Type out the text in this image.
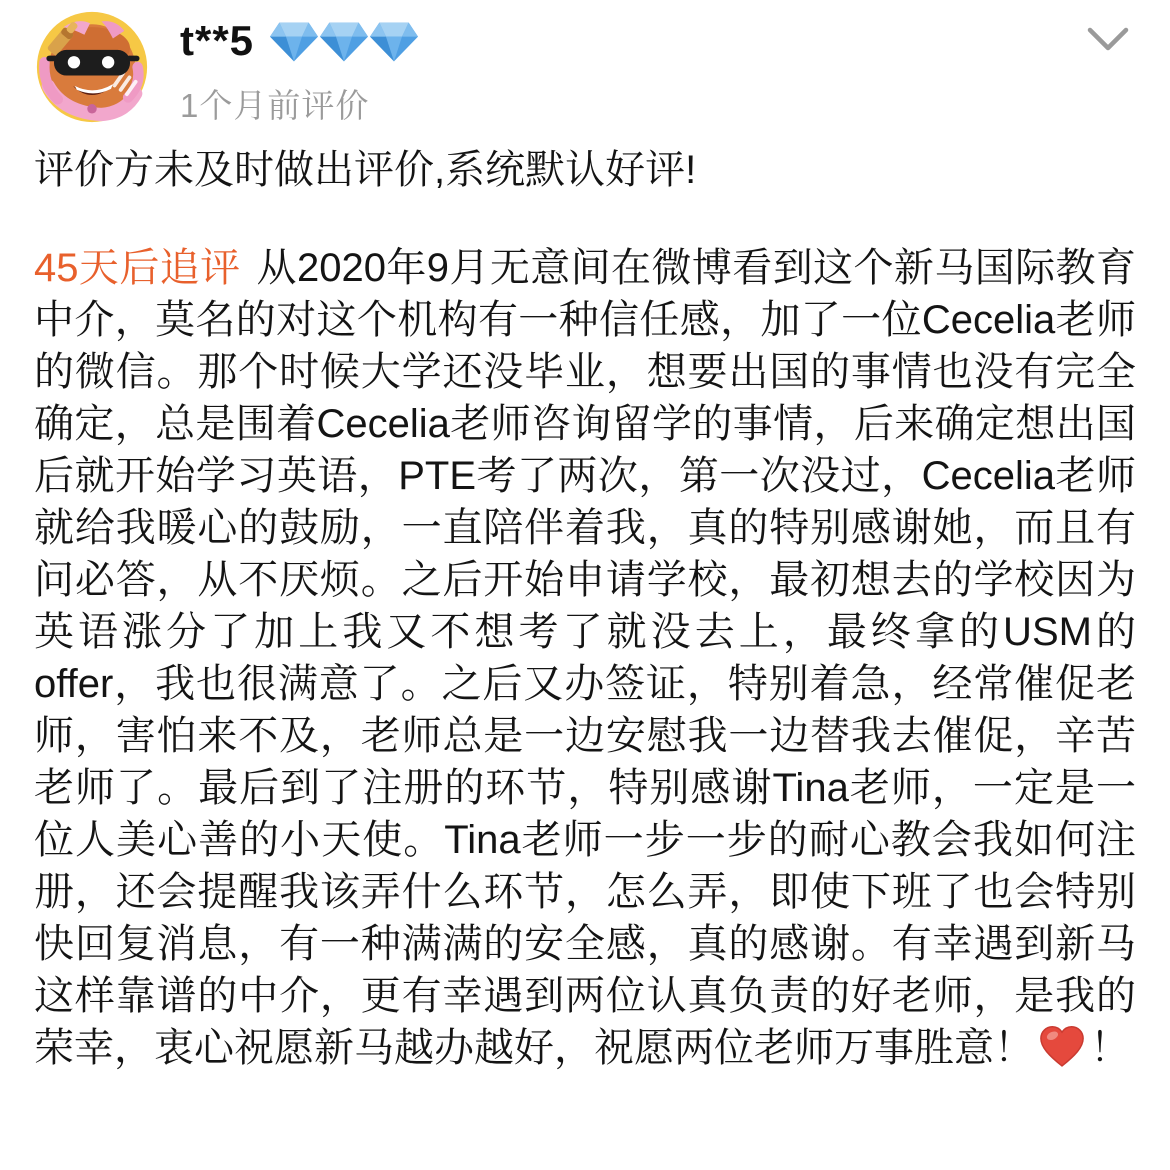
t**5
1个月前评价
评价方未及时做出评价,系统默认好评!

45天后追评 从2020年9月无意间在微博看到这个新马国际教育中介，莫名的对这个机构有一种信任感，加了一位Cecelia老师的微信。那个时候大学还没毕业，想要出国的事情也没有完全确定，总是围着Cecelia老师咨询留学的事情，后来确定想出国后就开始学习英语，PTE考了两次，第一次没过，Cecelia老师就给我暖心的鼓励，一直陪伴着我，真的特别感谢她，而且有问必答，从不厌烦。之后开始申请学校，最初想去的学校因为英语涨分了加上我又不想考了就没去上，最终拿的USM的offer，我也很满意了。之后又办签证，特别着急，经常催促老师，害怕来不及，老师总是一边安慰我一边替我去催促，辛苦老师了。最后到了注册的环节，特别感谢Tina老师，一定是一位人美心善的小天使。Tina老师一步一步的耐心教会我如何注册，还会提醒我该弄什么环节，怎么弄，即使下班了也会特别快回复消息，有一种满满的安全感，真的感谢。有幸遇到新马这样靠谱的中介，更有幸遇到两位认真负责的好老师，是我的荣幸，衷心祝愿新马越办越好，祝愿两位老师万事胜意！ ！
